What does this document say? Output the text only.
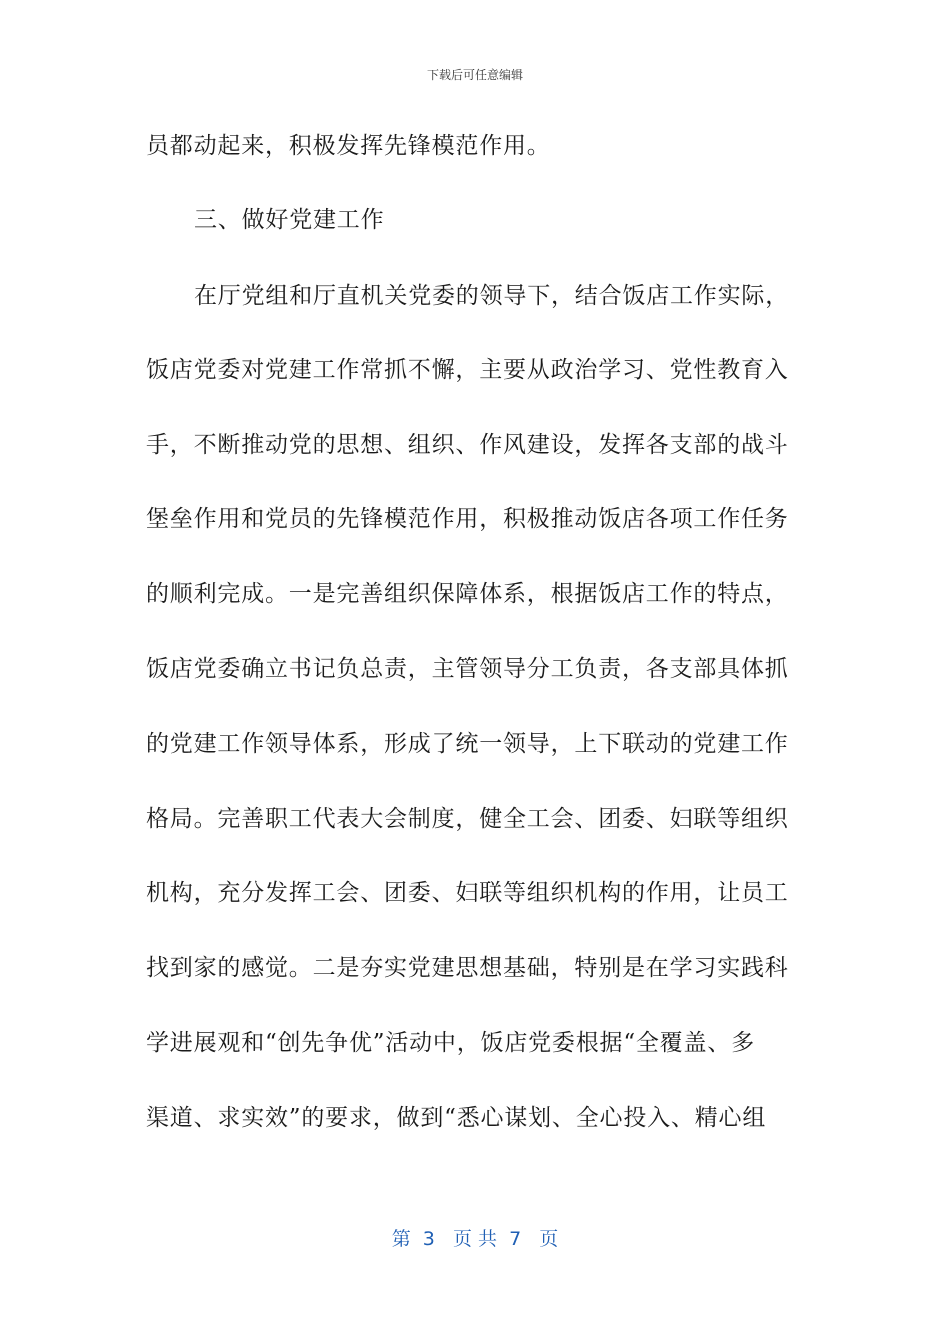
下载后可任意编辑
员都动起来，积极发挥先锋模范作用。
三、做好党建工作
在厅党组和厅直机关党委的领导下，结合饭店工作实际，
饭店党委对党建工作常抓不懈，主要从政治学习、党性教育入
手，不断推动党的思想、组织、作风建设，发挥各支部的战斗
堡垒作用和党员的先锋模范作用，积极推动饭店各项工作任务
的顺利完成。一是完善组织保障体系，根据饭店工作的特点，
饭店党委确立书记负总责，主管领导分工负责，各支部具体抓
的党建工作领导体系，形成了统一领导，上下联动的党建工作
格局。完善职工代表大会制度，健全工会、团委、妇联等组织
机构，充分发挥工会、团委、妇联等组织机构的作用，让员工
找到家的感觉。二是夯实党建思想基础，特别是在学习实践科
学进展观和“创先争优”活动中，饭店党委根据“全覆盖、多
渠道、求实效”的要求，做到“悉心谋划、全心投入、精心组
第  3   页 共  7   页
